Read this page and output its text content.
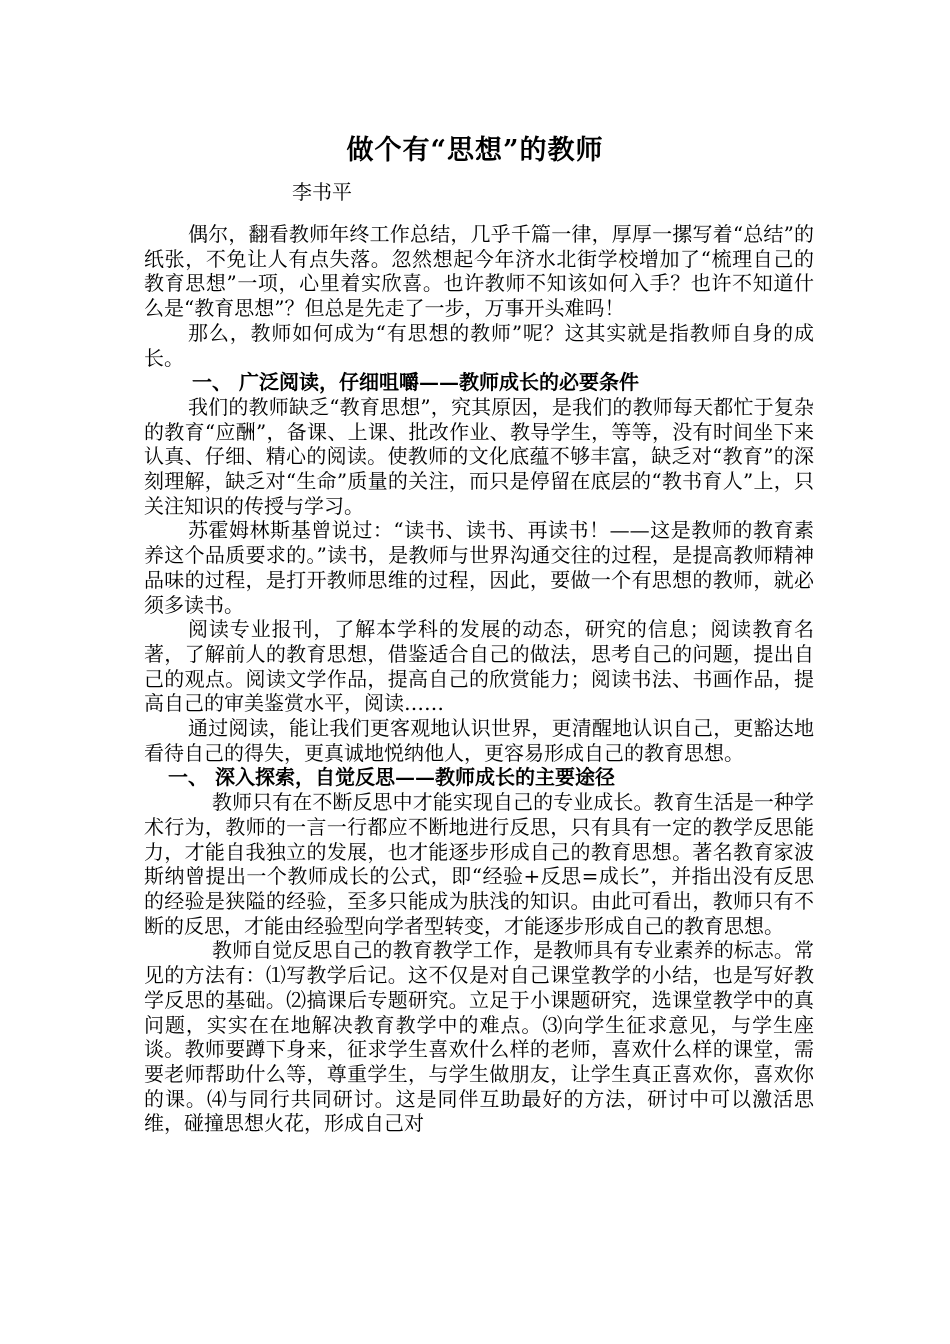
做个有“思想”的教师
李书平

偶尔，翻看教师年终工作总结，几乎千篇一律，厚厚一摞写着“总结”的纸张，不免让人有点失落。忽然想起今年济水北街学校增加了“梳理自己的教育思想”一项，心里着实欣喜。也许教师不知该如何入手？也许不知道什么是“教育思想”？但总是先走了一步，万事开头难吗！

那么，教师如何成为“有思想的教师”呢？这其实就是指教师自身的成长。

一、 广泛阅读，仔细咀嚼——教师成长的必要条件

我们的教师缺乏“教育思想”，究其原因，是我们的教师每天都忙于复杂的教育“应酬”，备课、上课、批改作业、教导学生，等等，没有时间坐下来认真、仔细、精心的阅读。使教师的文化底蕴不够丰富，缺乏对“教育”的深刻理解，缺乏对“生命”质量的关注，而只是停留在底层的“教书育人”上，只关注知识的传授与学习。

苏霍姆林斯基曾说过：“读书、读书、再读书！——这是教师的教育素养这个品质要求的。”读书，是教师与世界沟通交往的过程，是提高教师精神品味的过程，是打开教师思维的过程，因此，要做一个有思想的教师，就必须多读书。

阅读专业报刊，了解本学科的发展的动态，研究的信息；阅读教育名著，了解前人的教育思想，借鉴适合自己的做法，思考自己的问题，提出自己的观点。阅读文学作品，提高自己的欣赏能力；阅读书法、书画作品，提高自己的审美鉴赏水平，阅读……

通过阅读，能让我们更客观地认识世界，更清醒地认识自己，更豁达地看待自己的得失，更真诚地悦纳他人，更容易形成自己的教育思想。

一、 深入探索，自觉反思——教师成长的主要途径

教师只有在不断反思中才能实现自己的专业成长。教育生活是一种学术行为，教师的一言一行都应不断地进行反思，只有具有一定的教学反思能力，才能自我独立的发展，也才能逐步形成自己的教育思想。著名教育家波斯纳曾提出一个教师成长的公式，即“经验+反思=成长”，并指出没有反思的经验是狭隘的经验，至多只能成为肤浅的知识。由此可看出，教师只有不断的反思，才能由经验型向学者型转变，才能逐步形成自己的教育思想。

教师自觉反思自己的教育教学工作，是教师具有专业素养的标志。常见的方法有：⑴写教学后记。这不仅是对自己课堂教学的小结，也是写好教学反思的基础。⑵搞课后专题研究。立足于小课题研究，选课堂教学中的真问题，实实在在地解决教育教学中的难点。⑶向学生征求意见，与学生座谈。教师要蹲下身来，征求学生喜欢什么样的老师，喜欢什么样的课堂，需要老师帮助什么等，尊重学生，与学生做朋友，让学生真正喜欢你，喜欢你的课。⑷与同行共同研讨。这是同伴互助最好的方法，研讨中可以激活思维，碰撞思想火花，形成自己对
